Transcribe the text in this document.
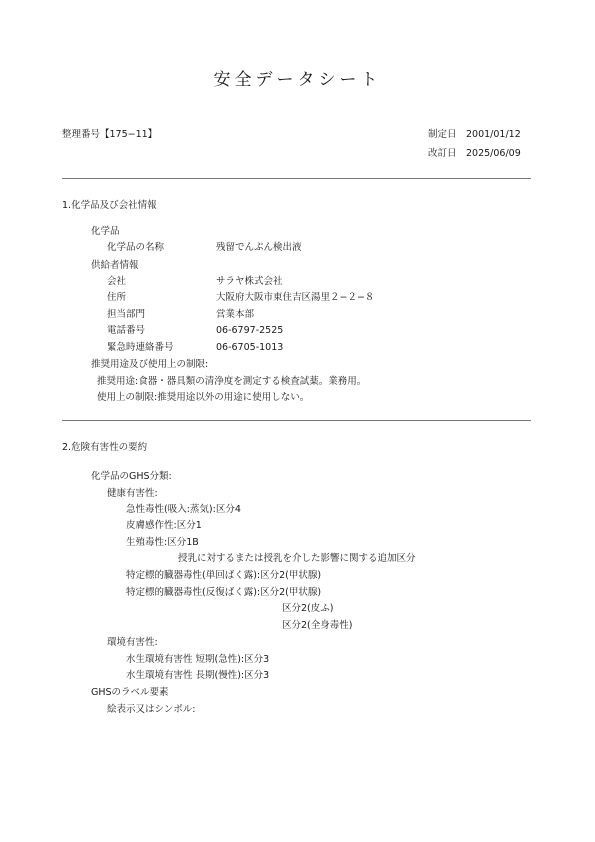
安全データシート
整理番号【175−11】	制定日 2001/01/12
改訂日 2025/06/09
1.化学品及び会社情報
化学品
化学品の名称	残留でんぷん検出液
供給者情報
会社	サラヤ株式会社
住所	大阪府大阪市東住吉区湯里２−２−８
担当部門	営業本部
電話番号	06-6797-2525
緊急時連絡番号	06-6705-1013
推奨用途及び使用上の制限:
推奨用途:食器・器具類の清浄度を測定する検査試薬。業務用。
使用上の制限:推奨用途以外の用途に使用しない。
2.危険有害性の要約
化学品のGHS分類:
健康有害性:
急性毒性(吸入:蒸気):区分4
皮膚感作性:区分1
生殖毒性:区分1B
授乳に対するまたは授乳を介した影響に関する追加区分
特定標的臓器毒性(単回ばく露):区分2(甲状腺)
特定標的臓器毒性(反復ばく露):区分2(甲状腺)
区分2(皮ふ)
区分2(全身毒性)
環境有害性:
水生環境有害性 短期(急性):区分3
水生環境有害性 長期(慢性):区分3
GHSのラベル要素
絵表示又はシンボル:
